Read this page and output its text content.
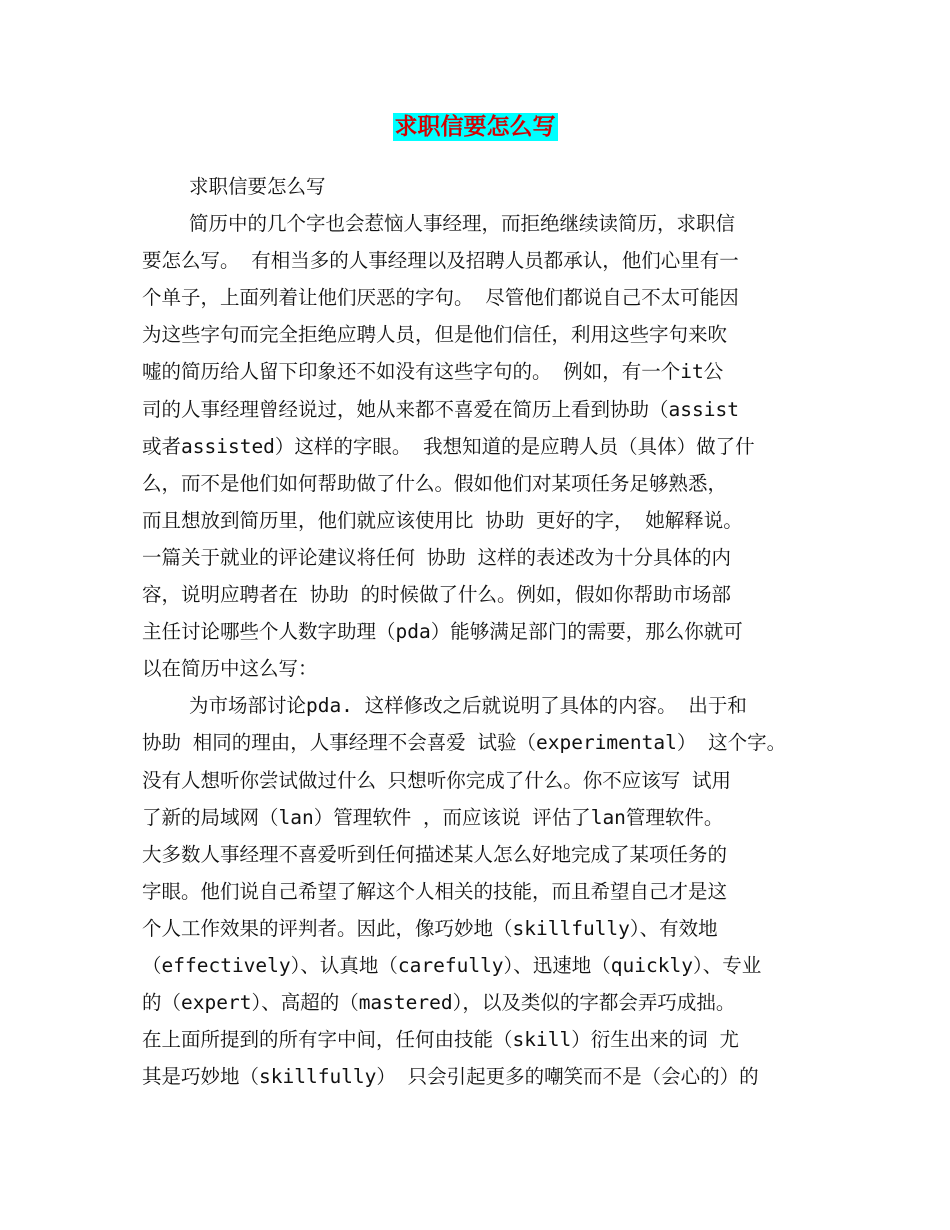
求职信要怎么写
求职信要怎么写
简历中的几个字也会惹恼人事经理，而拒绝继续读简历，求职信
要怎么写。 有相当多的人事经理以及招聘人员都承认，他们心里有一
个单子，上面列着让他们厌恶的字句。 尽管他们都说自己不太可能因
为这些字句而完全拒绝应聘人员，但是他们信任，利用这些字句来吹
嘘的简历给人留下印象还不如没有这些字句的。 例如，有一个it公
司的人事经理曾经说过，她从来都不喜爱在简历上看到协助（assist
或者assisted）这样的字眼。 我想知道的是应聘人员（具体）做了什
么，而不是他们如何帮助做了什么。假如他们对某项任务足够熟悉，
而且想放到简历里，他们就应该使用比 协助 更好的字， 她解释说。
一篇关于就业的评论建议将任何 协助 这样的表述改为十分具体的内
容，说明应聘者在 协助 的时候做了什么。例如，假如你帮助市场部
主任讨论哪些个人数字助理（pda）能够满足部门的需要，那么你就可
以在简历中这么写：
为市场部讨论pda. 这样修改之后就说明了具体的内容。 出于和
协助 相同的理由，人事经理不会喜爱 试验（experimental） 这个字。
没有人想听你尝试做过什么 只想听你完成了什么。你不应该写 试用
了新的局域网（lan）管理软件 ，而应该说 评估了lan管理软件。
大多数人事经理不喜爱听到任何描述某人怎么好地完成了某项任务的
字眼。他们说自己希望了解这个人相关的技能，而且希望自己才是这
个人工作效果的评判者。因此，像巧妙地（skillfully）、有效地
（effectively）、认真地（carefully）、迅速地（quickly）、专业
的（expert）、高超的（mastered），以及类似的字都会弄巧成拙。
在上面所提到的所有字中间，任何由技能（skill）衍生出来的词 尤
其是巧妙地（skillfully） 只会引起更多的嘲笑而不是（会心的）的
